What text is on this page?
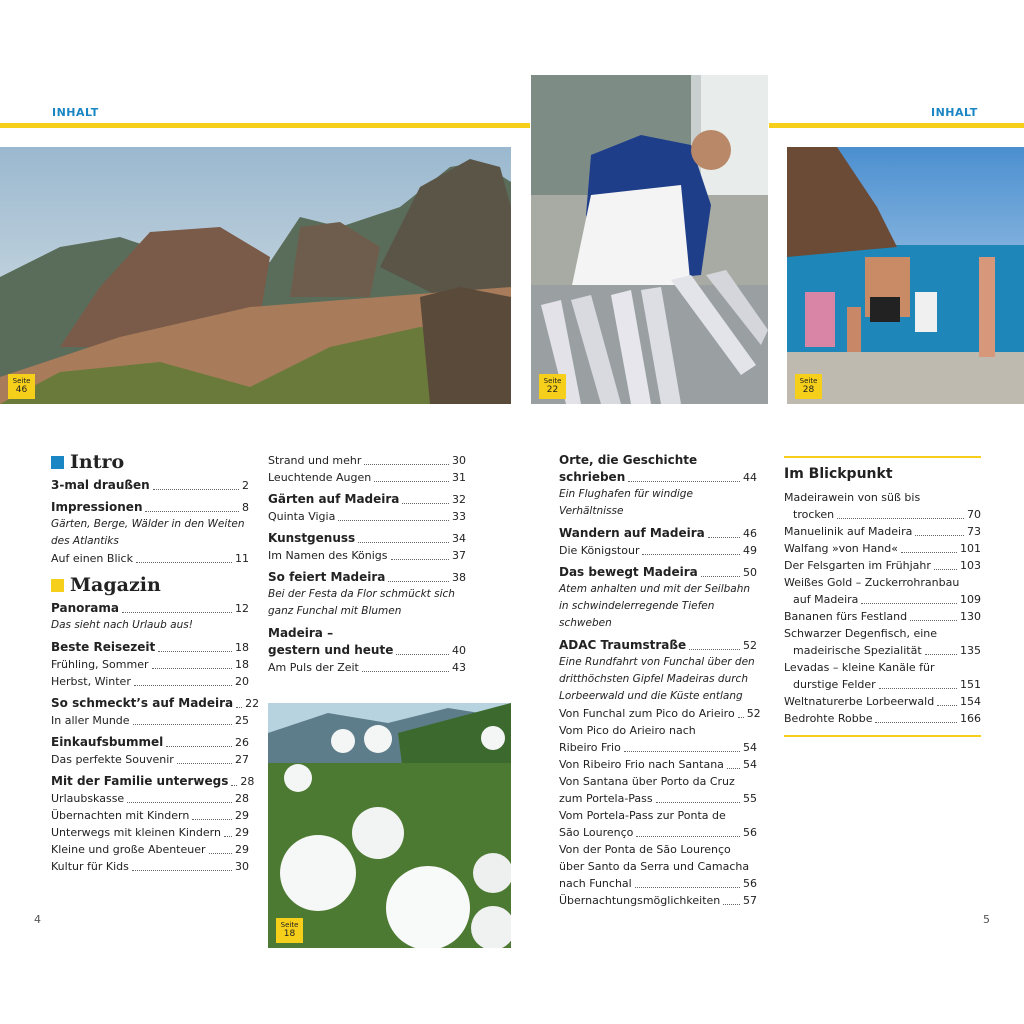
INHALT	INHALT
Seite
46
Seite
22
Seite
28
Seite
18
Intro
3-mal draußen	2
Impressionen	8
Gärten, Berge, Wälder in den Weiten des Atlantiks
Auf einen Blick	11
Magazin
Panorama	12
Das sieht nach Urlaub aus!
Beste Reisezeit	18
Frühling, Sommer	18
Herbst, Winter	20
So schmeckt’s auf Madeira 22
In aller Munde	25
Einkaufsbummel	26
Das perfekte Souvenir	27
Mit der Familie unterwegs 28
Urlaubskasse	28
Übernachten mit Kindern	29
Unterwegs mit kleinen Kindern 29
Kleine und große Abenteuer	29
Kultur für Kids	30
Strand und mehr	30
Leuchtende Augen	31
Gärten auf Madeira	32
Quinta Vigia	33
Kunstgenuss	34
Im Namen des Königs	37
So feiert Madeira	38
Bei der Festa da Flor schmückt sich ganz Funchal mit Blumen
Madeira –
gestern und heute	40
Am Puls der Zeit	43
Orte, die Geschichte
schrieben	44
Ein Flughafen für windige Verhältnisse
Wandern auf Madeira	46
Die Königstour	49
Das bewegt Madeira	50
Atem anhalten und mit der Seilbahn in schwindelerregende Tiefen schweben
ADAC Traumstraße	52
Eine Rundfahrt von Funchal über den dritthöchsten Gipfel Madeiras durch Lorbeerwald und die Küste entlang
Von Funchal zum Pico do Arieiro 52
Vom Pico do Arieiro nach
Ribeiro Frio	54
Von Ribeiro Frio nach Santana 54
Von Santana über Porto da Cruz
zum Portela-Pass	55
Vom Portela-Pass zur Ponta de
São Lourenço	56
Von der Ponta de São Lourenço
über Santo da Serra und Camacha
nach Funchal	56
Übernachtungsmöglichkeiten 57
Im Blickpunkt
Madeirawein von süß bis
trocken	70
Manuelinik auf Madeira	73
Walfang »von Hand«	101
Der Felsgarten im Frühjahr	103
Weißes Gold – Zuckerrohranbau
auf Madeira	109
Bananen fürs Festland	130
Schwarzer Degenfisch, eine
madeirische Spezialität	135
Levadas – kleine Kanäle für
durstige Felder	151
Weltnaturerbe Lorbeerwald 154
Bedrohte Robbe	166
4	5
